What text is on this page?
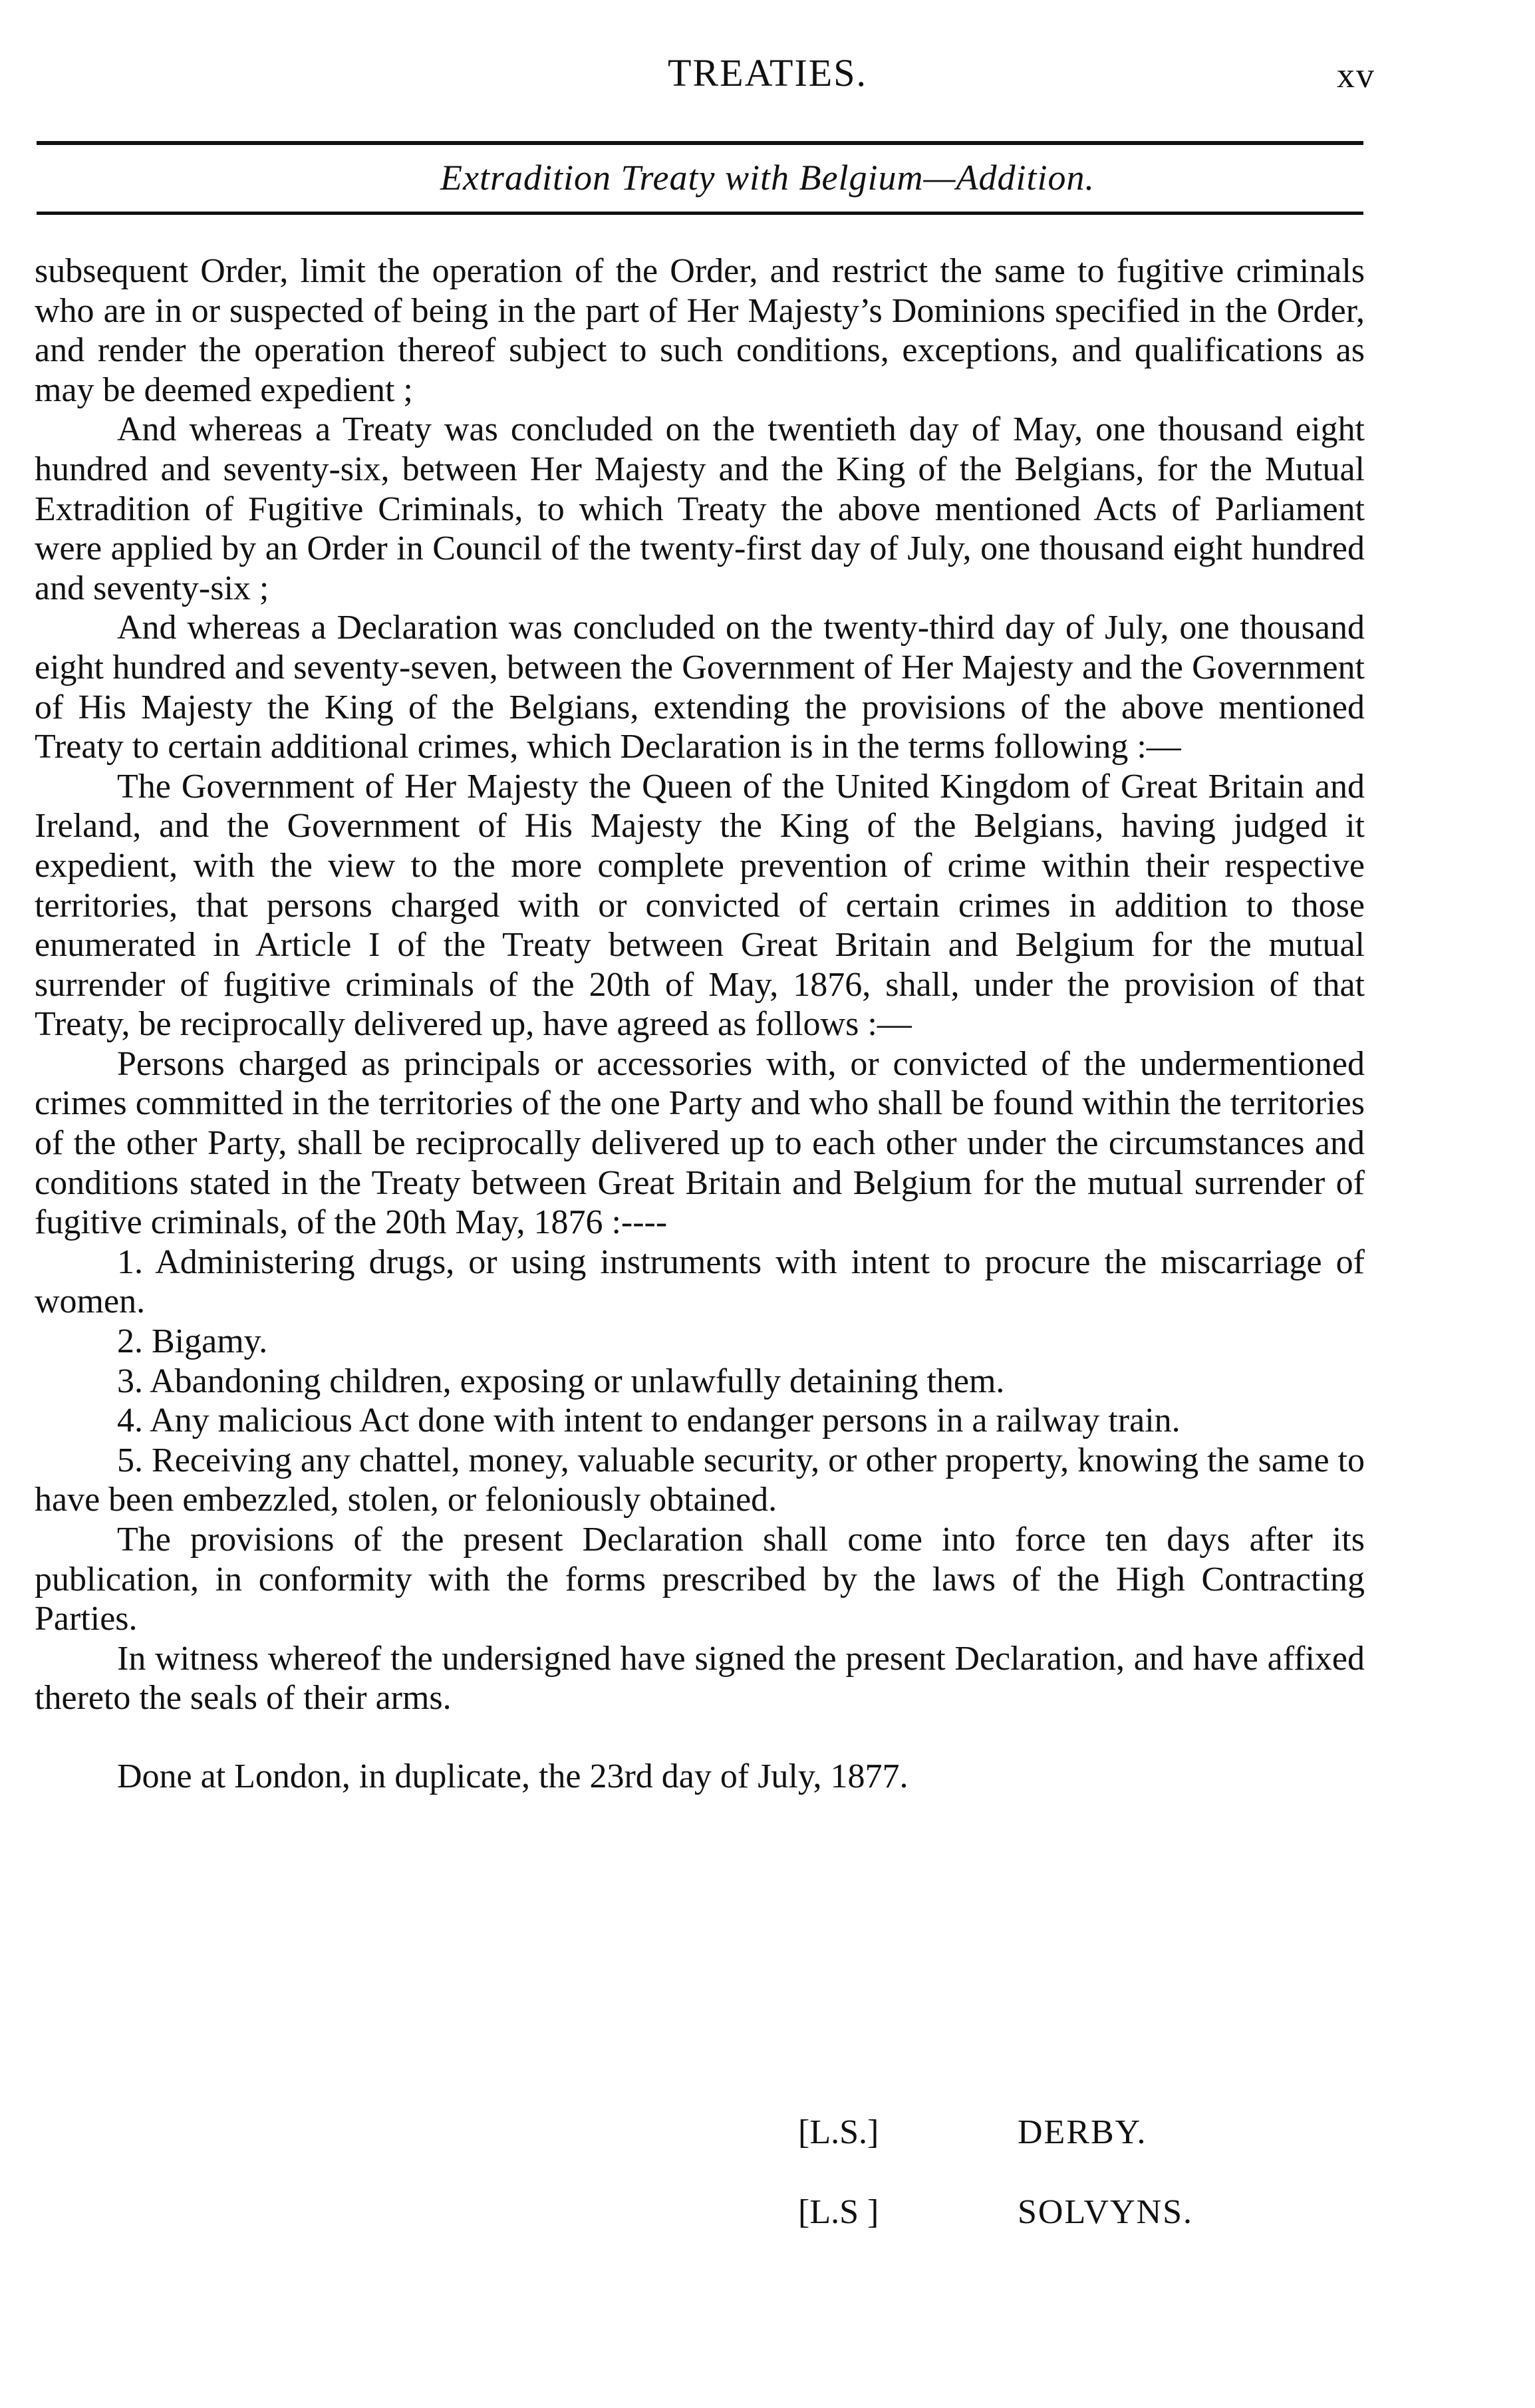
TREATIES.	xv
Extradition Treaty with Belgium—Addition.

subsequent Order, limit the operation of the Order, and restrict the same to fugitive criminals who are in or suspected of being in the part of Her Majesty’s Dominions specified in the Order, and render the operation thereof subject to such conditions, exceptions, and qualifications as may be deemed expedient ;

And whereas a Treaty was concluded on the twentieth day of May, one thousand eight hundred and seventy-six, between Her Majesty and the King of the Belgians, for the Mutual Extradition of Fugitive Criminals, to which Treaty the above mentioned Acts of Parliament were applied by an Order in Council of the twenty-first day of July, one thousand eight hundred and seventy-six ;

And whereas a Declaration was concluded on the twenty-third day of July, one thousand eight hundred and seventy-seven, between the Government of Her Majesty and the Government of His Majesty the King of the Belgians, extending the provisions of the above mentioned Treaty to certain additional crimes, which Declaration is in the terms following :—

The Government of Her Majesty the Queen of the United Kingdom of Great Britain and Ireland, and the Government of His Majesty the King of the Belgians, having judged it expedient, with the view to the more complete prevention of crime within their respective territories, that persons charged with or convicted of certain crimes in addition to those enumerated in Article I of the Treaty between Great Britain and Belgium for the mutual surrender of fugitive criminals of the 20th of May, 1876, shall, under the provision of that Treaty, be reciprocally delivered up, have agreed as follows :—

Persons charged as principals or accessories with, or convicted of the undermentioned crimes committed in the territories of the one Party and who shall be found within the territories of the other Party, shall be reciprocally delivered up to each other under the circumstances and conditions stated in the Treaty between Great Britain and Belgium for the mutual surrender of fugitive criminals, of the 20th May, 1876 :----

1. Administering drugs, or using instruments with intent to procure the miscarriage of women.

2. Bigamy.

3. Abandoning children, exposing or unlawfully detaining them.

4. Any malicious Act done with intent to endanger persons in a railway train.

5. Receiving any chattel, money, valuable security, or other property, knowing the same to have been embezzled, stolen, or feloniously obtained.

The provisions of the present Declaration shall come into force ten days after its publication, in conformity with the forms prescribed by the laws of the High Contracting Parties.

In witness whereof the undersigned have signed the present Declaration, and have affixed thereto the seals of their arms.

Done at London, in duplicate, the 23rd day of July, 1877.

[L.S.]	DERBY.
[L.S ]	SOLVYNS.
